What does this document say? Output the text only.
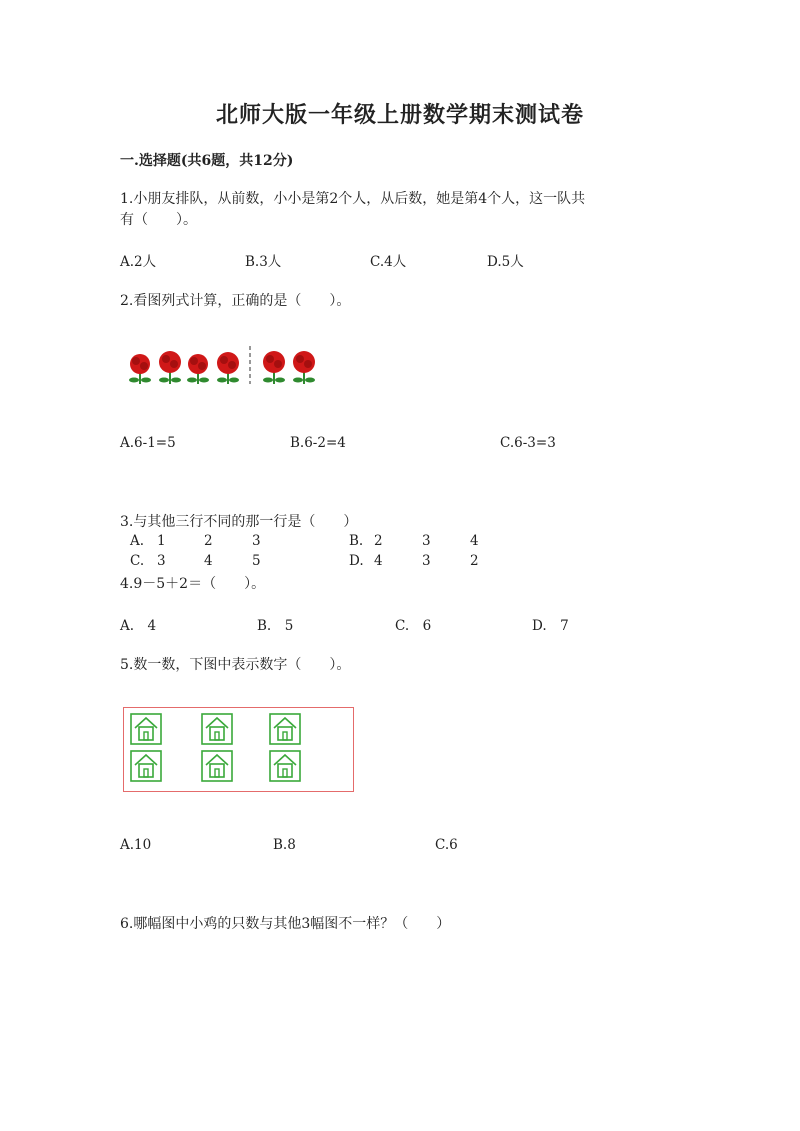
北师大版一年级上册数学期末测试卷
一.选择题(共6题，共12分)
1.小朋友排队，从前数，小小是第2个人，从后数，她是第4个人，这一队共
有（　　）。
A.2人	B.3人	C.4人	D.5人
2.看图列式计算，正确的是（　　）。
A.6-1=5	B.6-2=4	C.6-3=3
3.与其他三行不同的那一行是（　　）
A. 1	2	3	B. 2	3	4
C. 3	4	5	D. 4	3	2
4.9－5＋2＝（　　）。
A.　4	B.　5	C.　6	D.　7
5.数一数，下图中表示数字（　　）。
A.10	B.8	C.6
6.哪幅图中小鸡的只数与其他3幅图不一样？（　　）
